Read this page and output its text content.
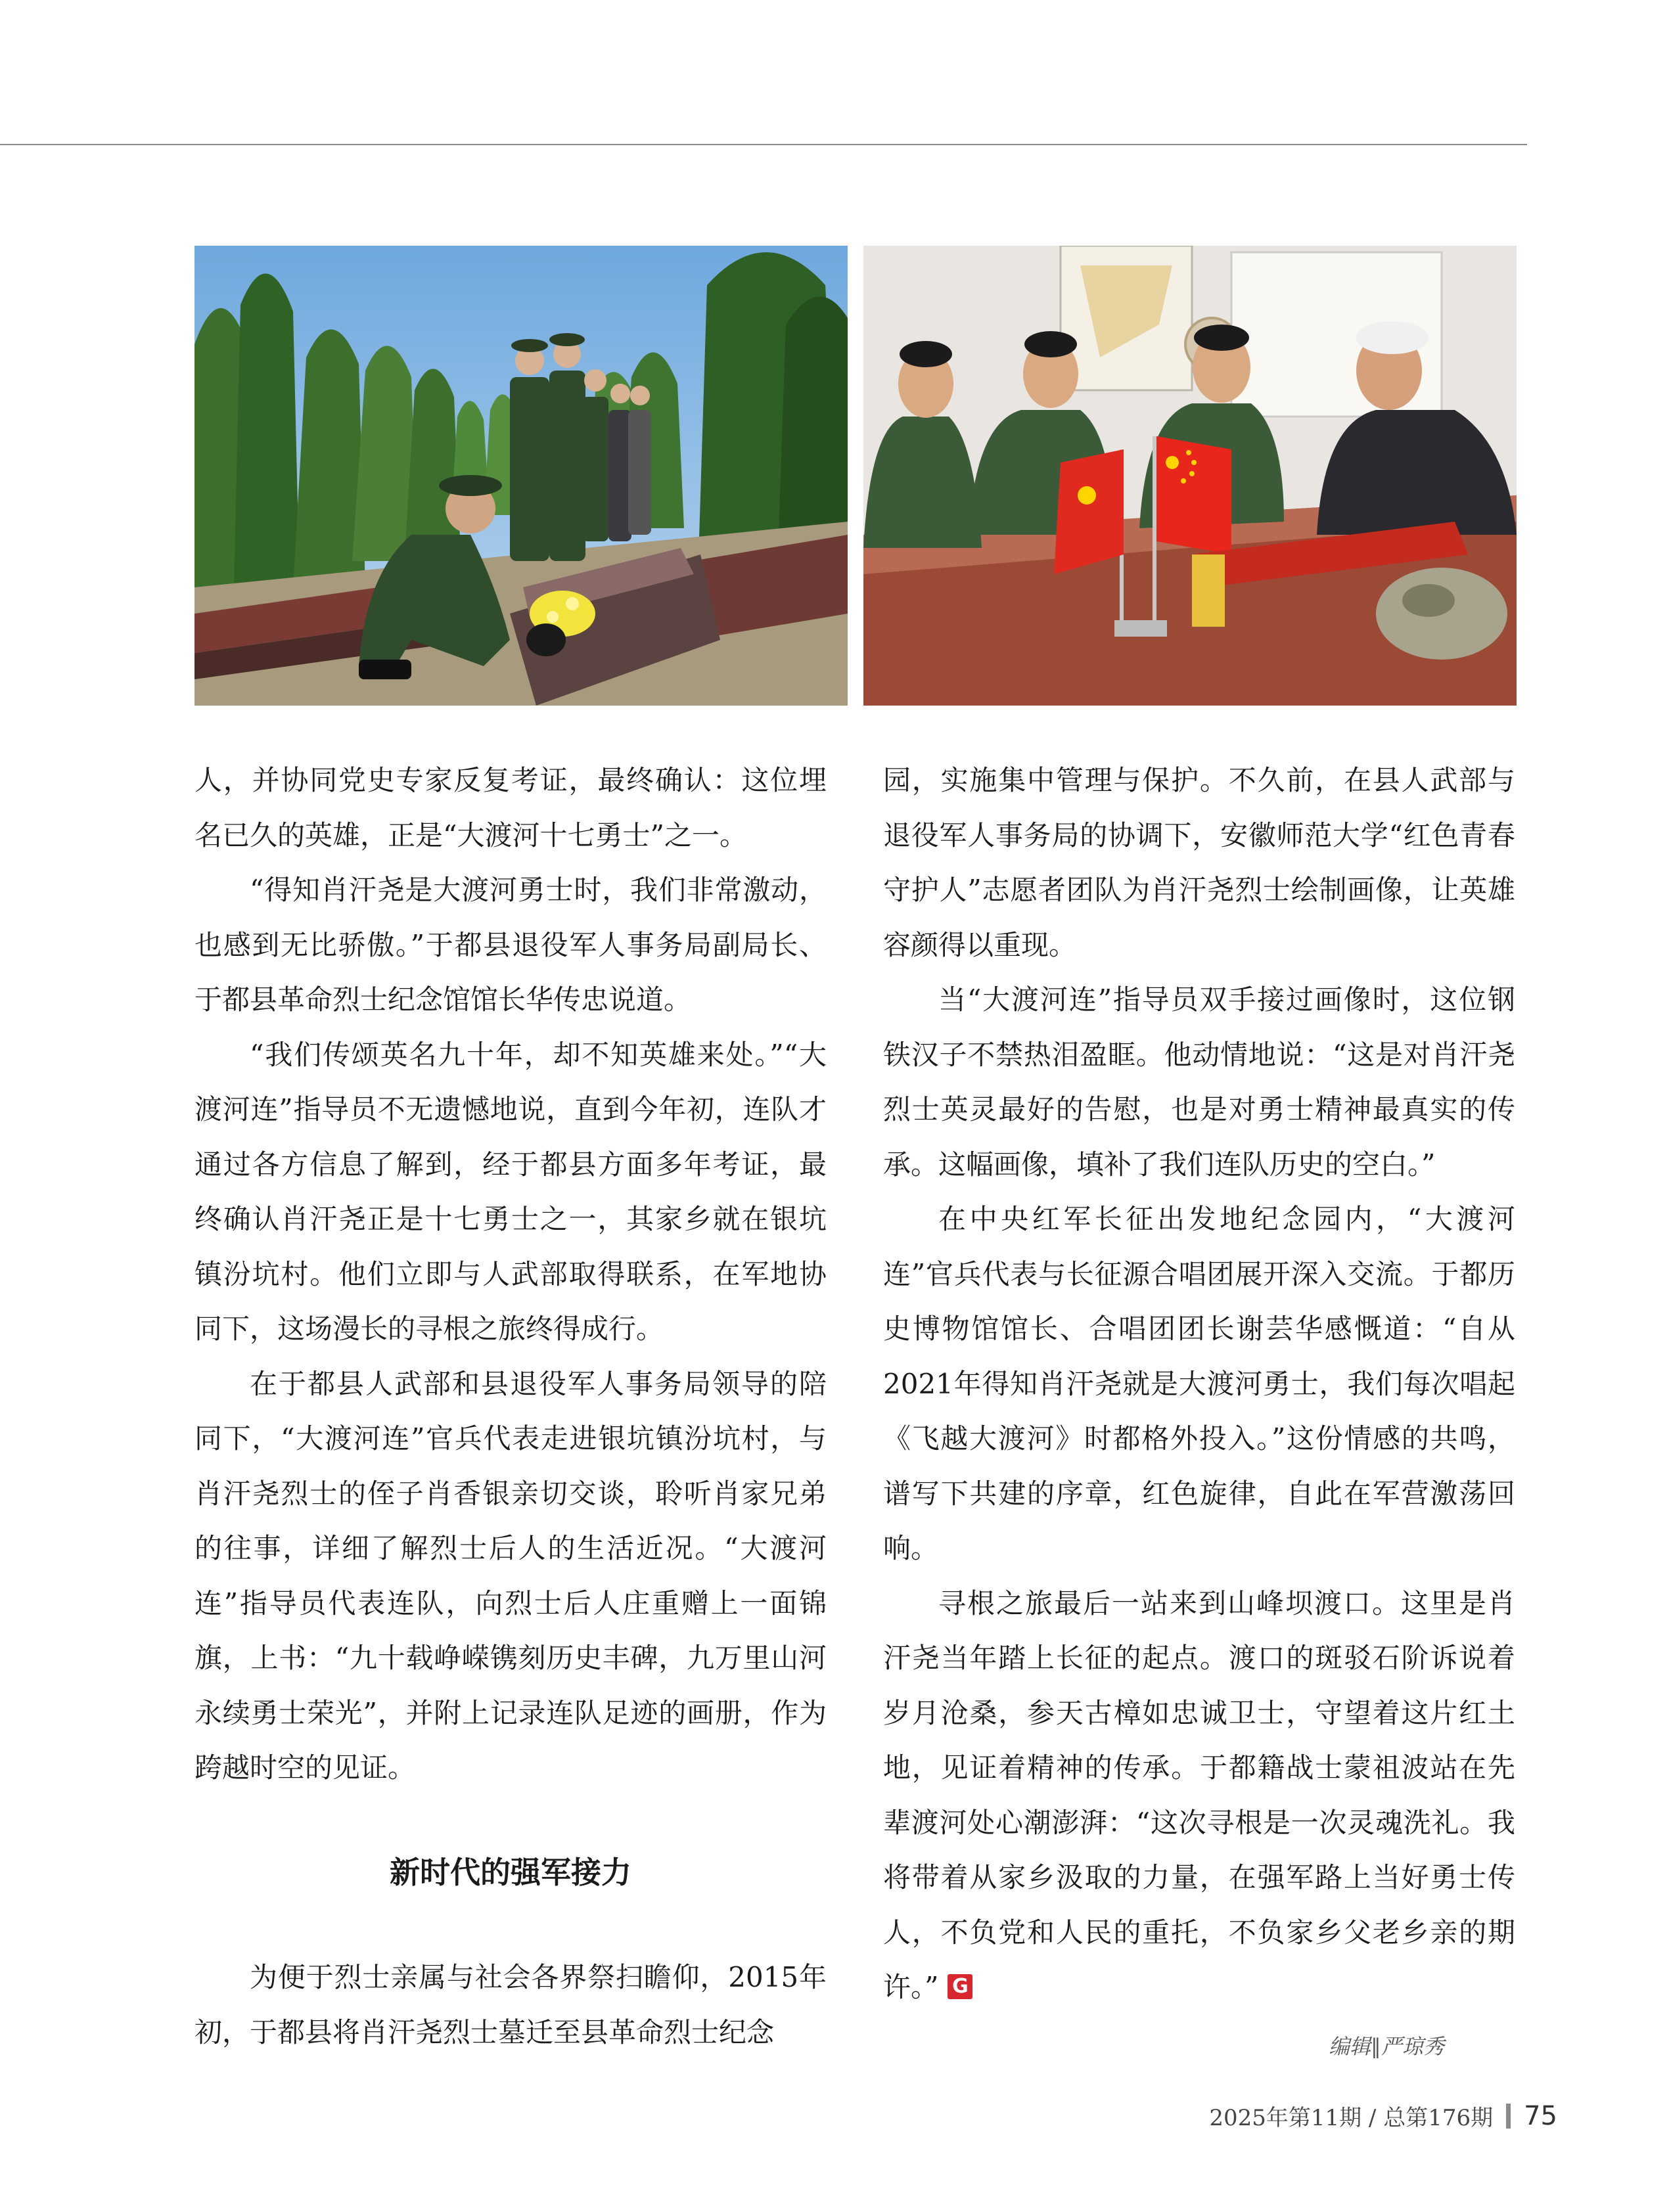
人，并协同党史专家反复考证，最终确认：这位埋名已久的英雄，正是“大渡河十七勇士”之一。

“得知肖汗尧是大渡河勇士时，我们非常激动，也感到无比骄傲。”于都县退役军人事务局副局长、于都县革命烈士纪念馆馆长华传忠说道。

“我们传颂英名九十年，却不知英雄来处。”“大渡河连”指导员不无遗憾地说，直到今年初，连队才通过各方信息了解到，经于都县方面多年考证，最终确认肖汗尧正是十七勇士之一，其家乡就在银坑镇汾坑村。他们立即与人武部取得联系，在军地协同下，这场漫长的寻根之旅终得成行。

在于都县人武部和县退役军人事务局领导的陪同下，“大渡河连”官兵代表走进银坑镇汾坑村，与肖汗尧烈士的侄子肖香银亲切交谈，聆听肖家兄弟的往事，详细了解烈士后人的生活近况。“大渡河连”指导员代表连队，向烈士后人庄重赠上一面锦旗，上书：“九十载峥嵘镌刻历史丰碑，九万里山河永续勇士荣光”，并附上记录连队足迹的画册，作为跨越时空的见证。

新时代的强军接力

为便于烈士亲属与社会各界祭扫瞻仰，2015年初，于都县将肖汗尧烈士墓迁至县革命烈士纪念

园，实施集中管理与保护。不久前，在县人武部与退役军人事务局的协调下，安徽师范大学“红色青春守护人”志愿者团队为肖汗尧烈士绘制画像，让英雄容颜得以重现。

当“大渡河连”指导员双手接过画像时，这位钢铁汉子不禁热泪盈眶。他动情地说：“这是对肖汗尧烈士英灵最好的告慰，也是对勇士精神最真实的传承。这幅画像，填补了我们连队历史的空白。”

在中央红军长征出发地纪念园内，“大渡河连”官兵代表与长征源合唱团展开深入交流。于都历史博物馆馆长、合唱团团长谢芸华感慨道：“自从2021年得知肖汗尧就是大渡河勇士，我们每次唱起《飞越大渡河》时都格外投入。”这份情感的共鸣，谱写下共建的序章，红色旋律，自此在军营激荡回响。

寻根之旅最后一站来到山峰坝渡口。这里是肖汗尧当年踏上长征的起点。渡口的斑驳石阶诉说着岁月沧桑，参天古樟如忠诚卫士，守望着这片红土地，见证着精神的传承。于都籍战士蒙祖波站在先辈渡河处心潮澎湃：“这次寻根是一次灵魂洗礼。我将带着从家乡汲取的力量，在强军路上当好勇士传人，不负党和人民的重托，不负家乡父老乡亲的期许。” G

编辑∥严琼秀
2025年第11期 / 总第176期 75
